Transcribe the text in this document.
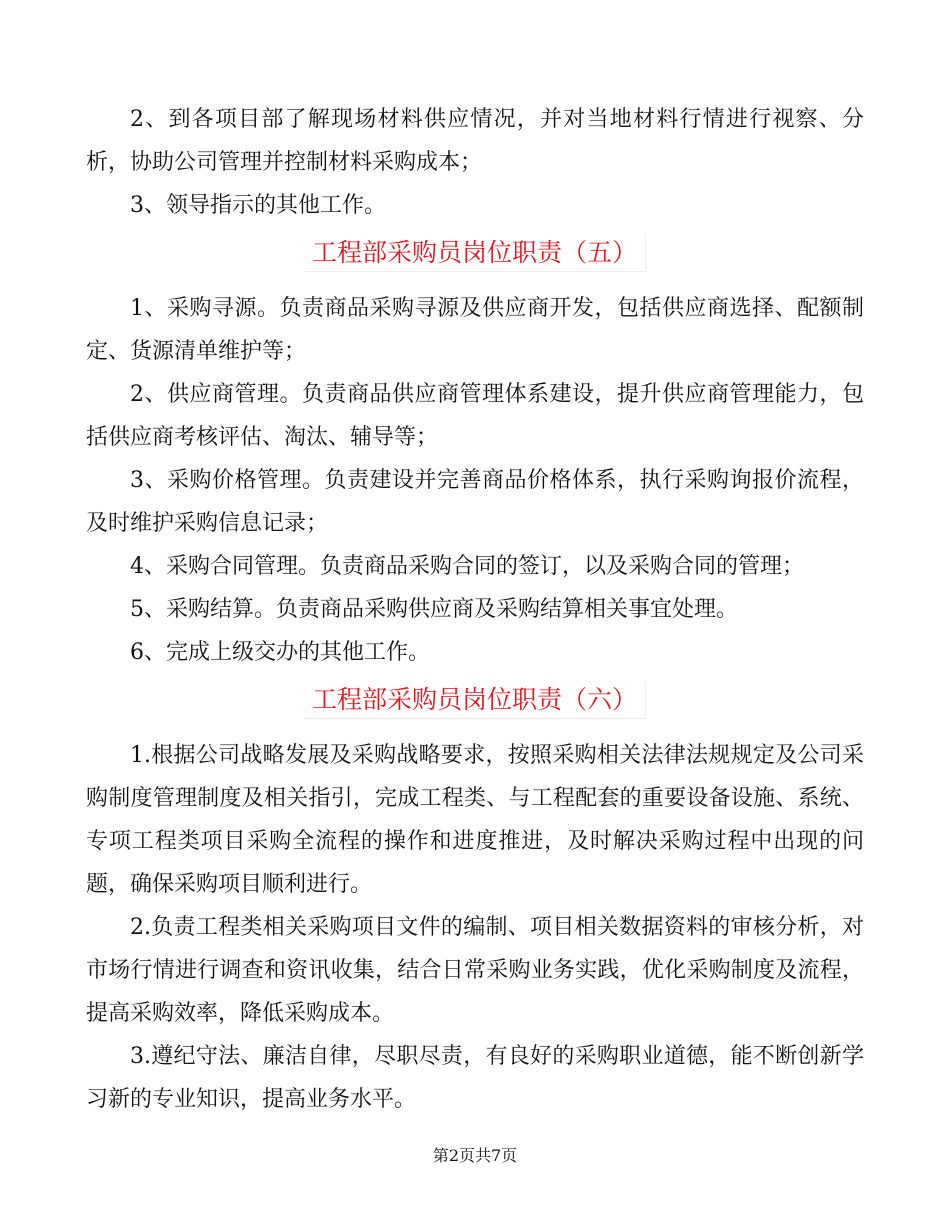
2、到各项目部了解现场材料供应情况，并对当地材料行情进行视察、分析，协助公司管理并控制材料采购成本；

3、领导指示的其他工作。

工程部采购员岗位职责（五）

1、采购寻源。负责商品采购寻源及供应商开发，包括供应商选择、配额制定、货源清单维护等；

2、供应商管理。负责商品供应商管理体系建设，提升供应商管理能力，包括供应商考核评估、淘汰、辅导等；

3、采购价格管理。负责建设并完善商品价格体系，执行采购询报价流程，及时维护采购信息记录；

4、采购合同管理。负责商品采购合同的签订，以及采购合同的管理；

5、采购结算。负责商品采购供应商及采购结算相关事宜处理。

6、完成上级交办的其他工作。

工程部采购员岗位职责（六）

1.根据公司战略发展及采购战略要求，按照采购相关法律法规规定及公司采购制度管理制度及相关指引，完成工程类、与工程配套的重要设备设施、系统、专项工程类项目采购全流程的操作和进度推进，及时解决采购过程中出现的问题，确保采购项目顺利进行。

2.负责工程类相关采购项目文件的编制、项目相关数据资料的审核分析，对市场行情进行调查和资讯收集，结合日常采购业务实践，优化采购制度及流程，提高采购效率，降低采购成本。

3.遵纪守法、廉洁自律，尽职尽责，有良好的采购职业道德，能不断创新学习新的专业知识，提高业务水平。

第2页共7页
